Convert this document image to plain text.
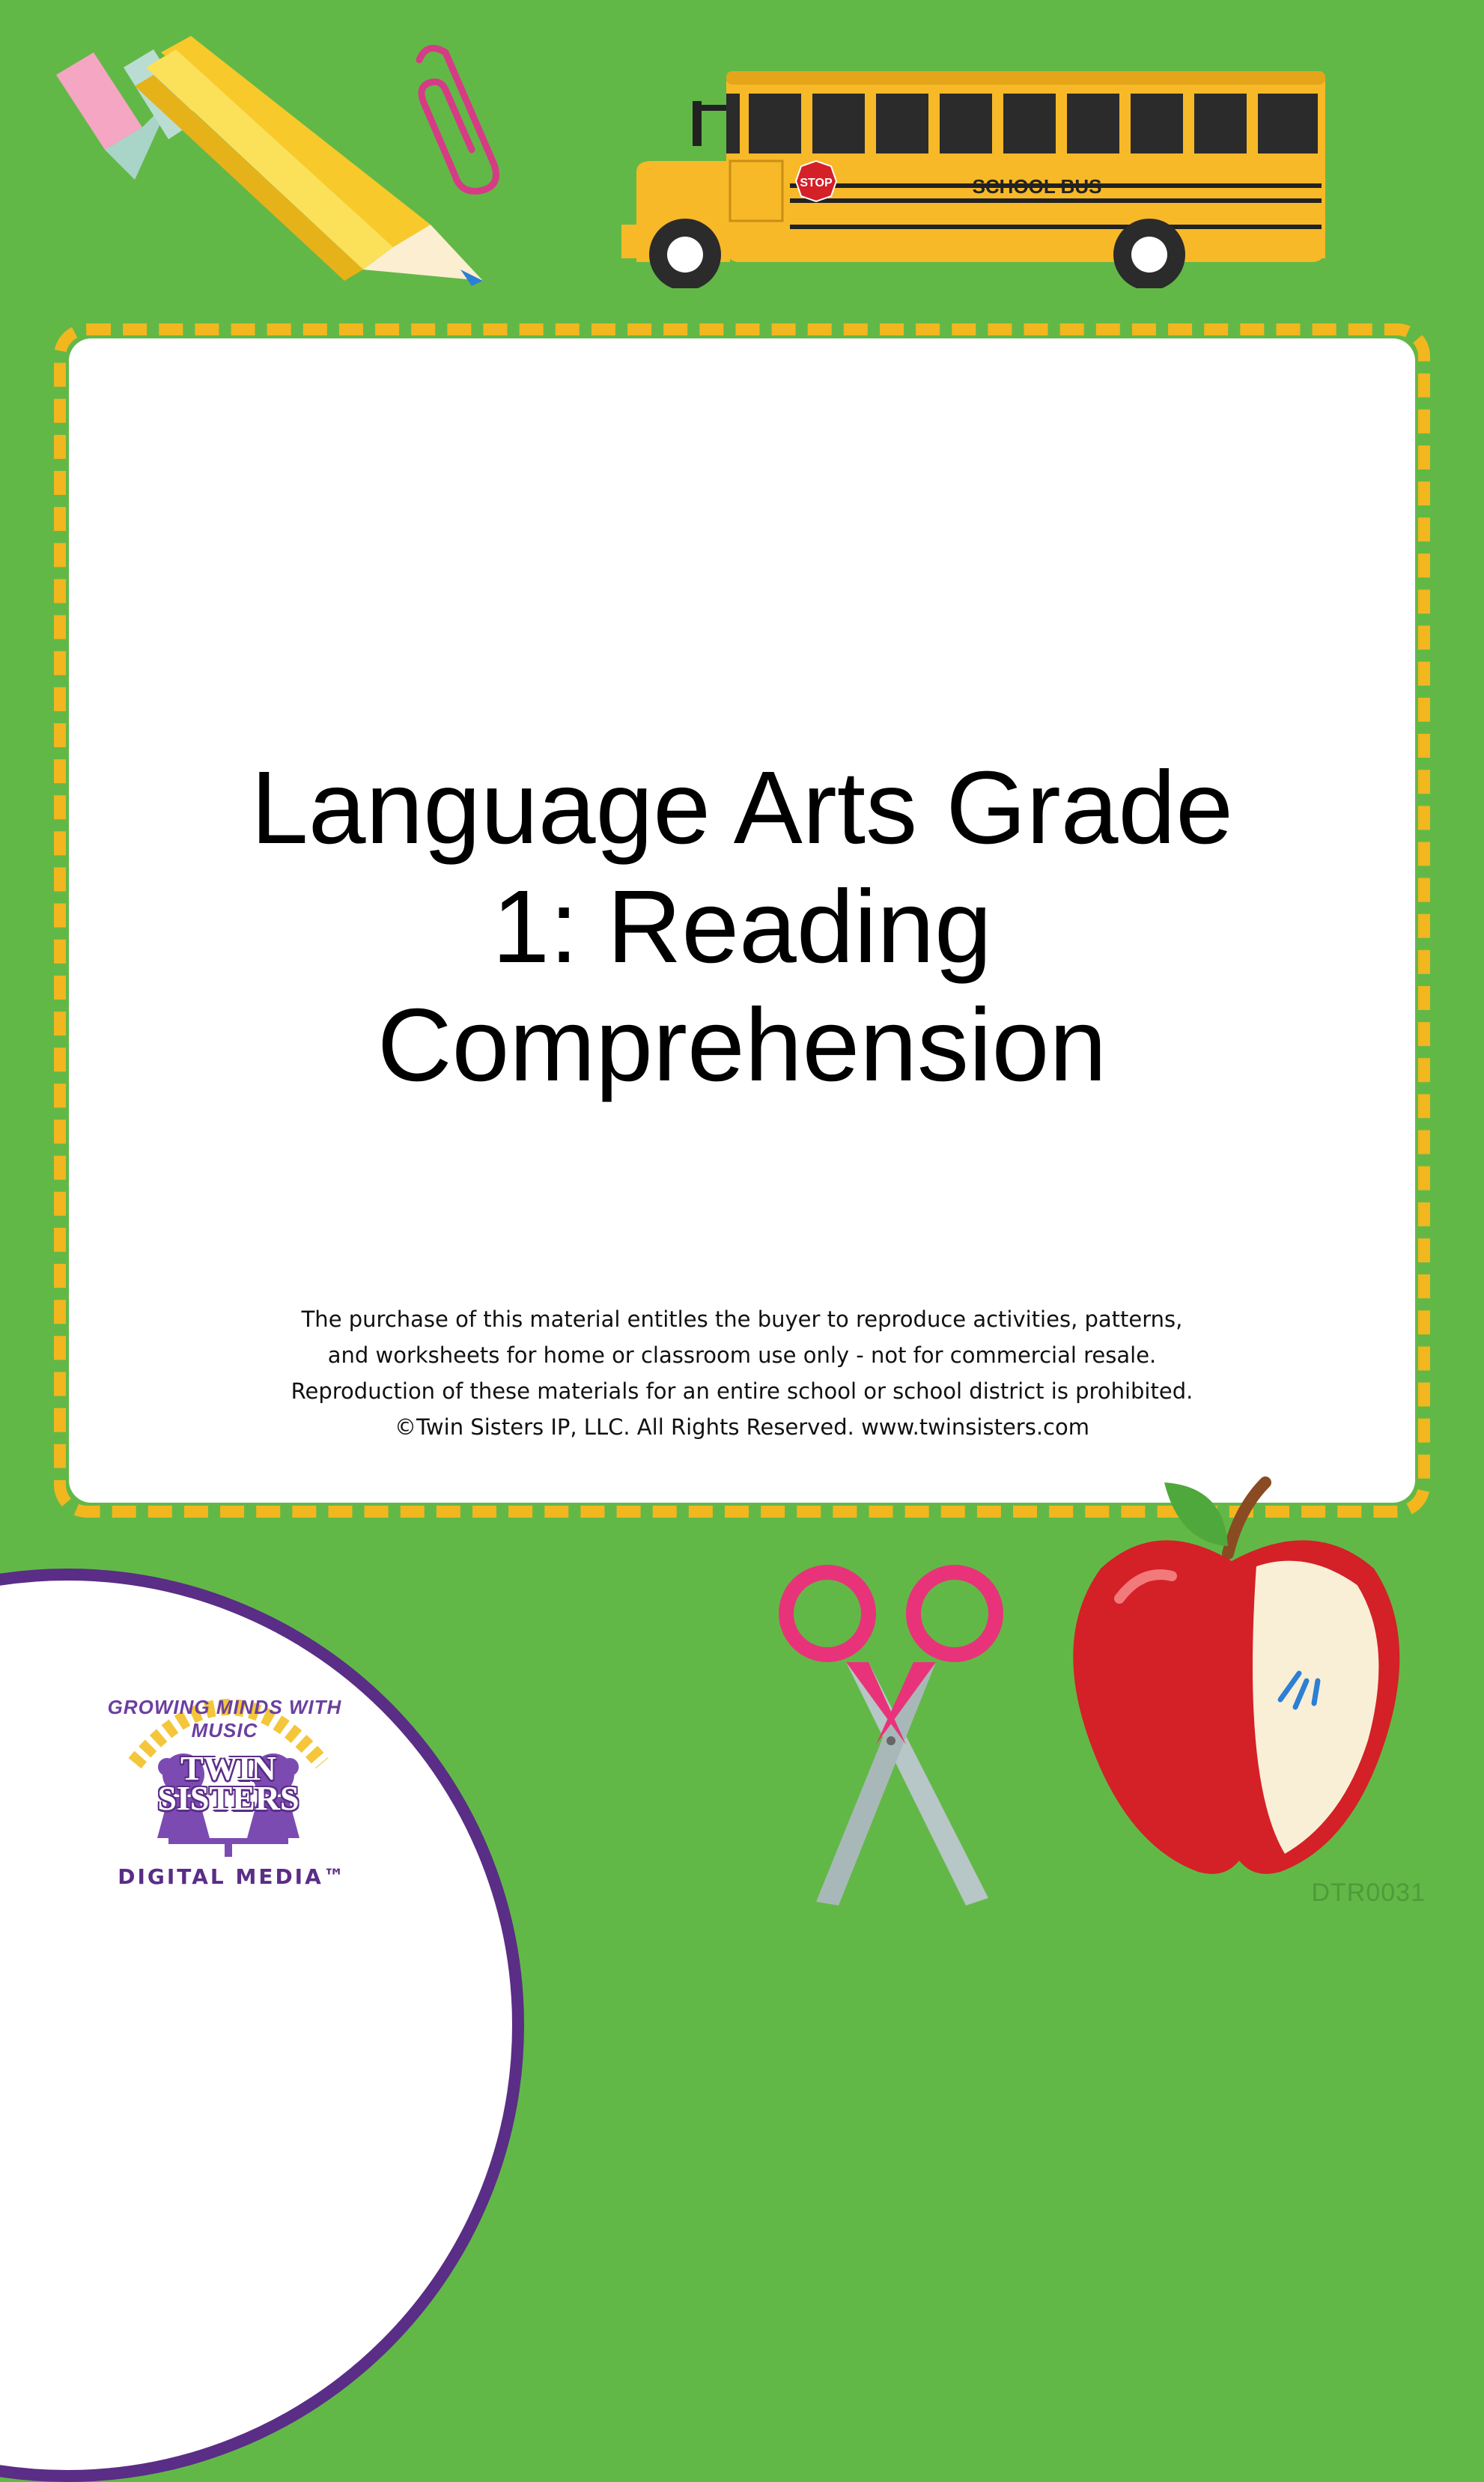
STOP	SCHOOL BUS
Language Arts Grade
1: Reading
Comprehension
The purchase of this material entitles the buyer to reproduce activities, patterns,
and worksheets for home or classroom use only - not for commercial resale.
Reproduction of these materials for an entire school or school district is prohibited.
©Twin Sisters IP, LLC. All Rights Reserved. www.twinsisters.com
GROWING MINDS WITH MUSIC
TWIN
SISTERS
DIGITAL MEDIA™
DTR0031
